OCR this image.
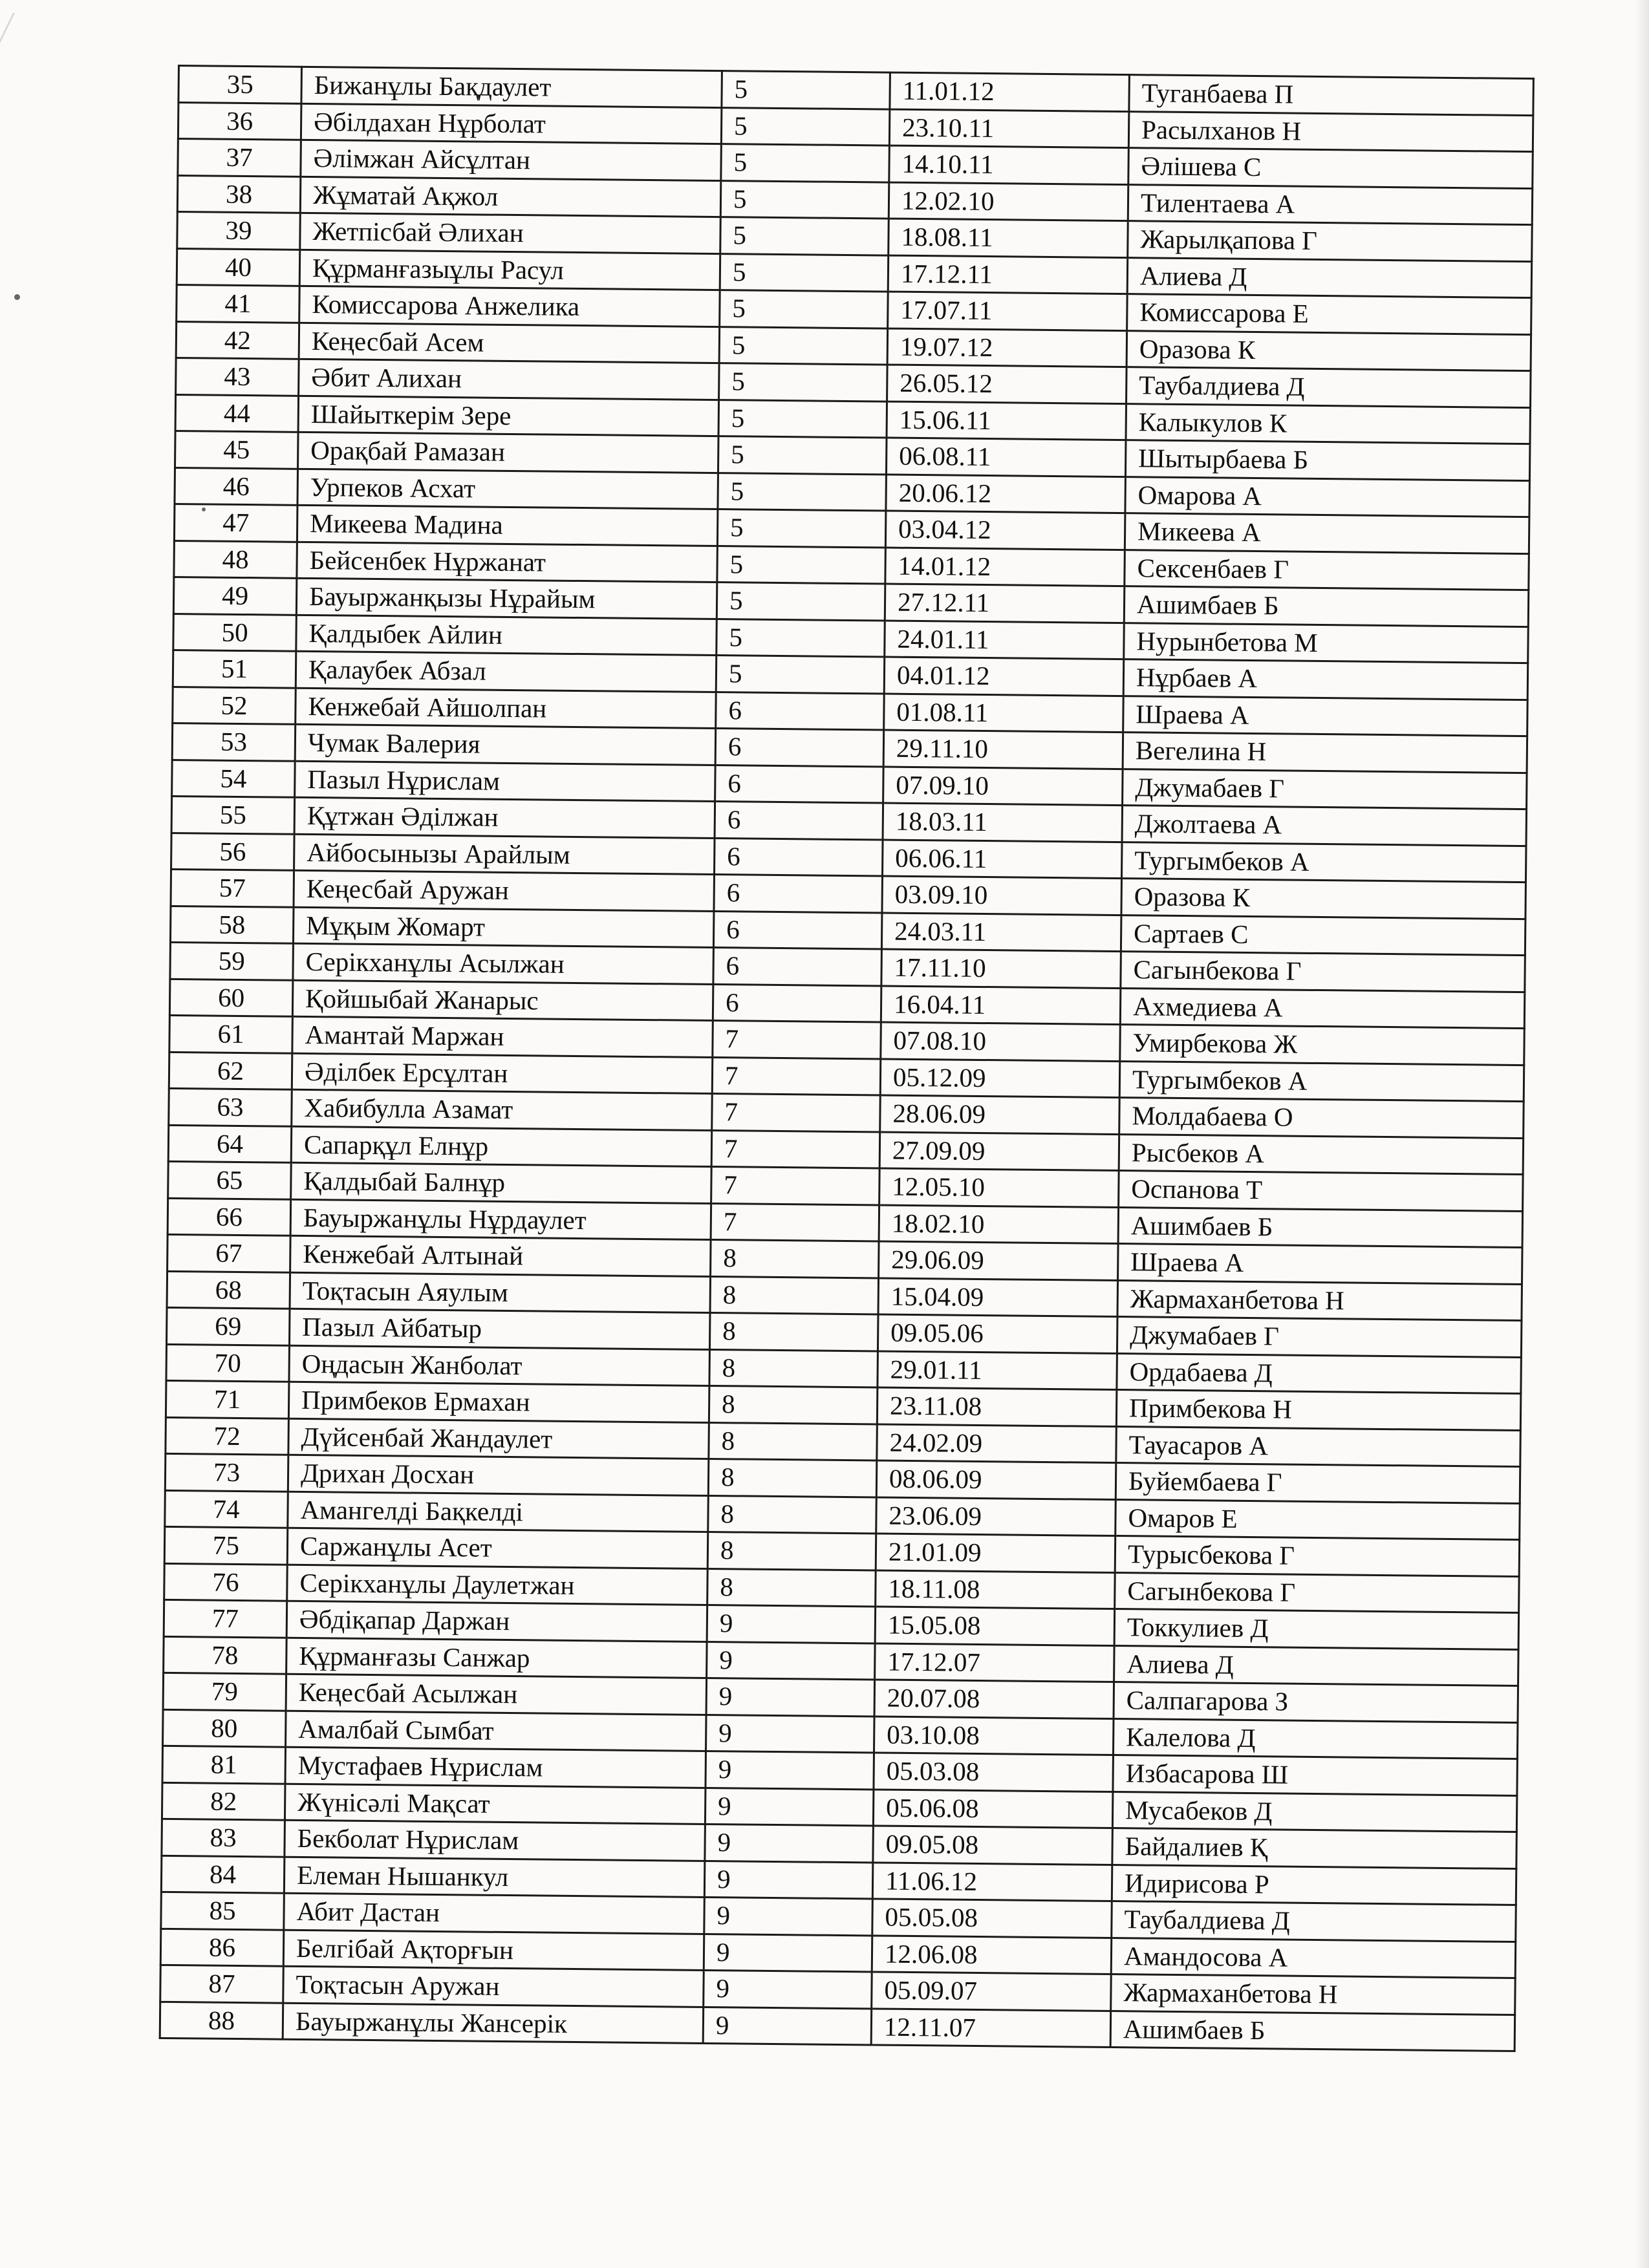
35	Бижанұлы Бақдаулет	5	11.01.12	Туганбаева П
36	Әбілдахан Нұрболат	5	23.10.11	Расылханов Н
37	Әлімжан Айсұлтан	5	14.10.11	Әлішева С
38	Жұматай Ақжол	5	12.02.10	Тилентаева А
39	Жетпісбай Әлихан	5	18.08.11	Жарылқапова Г
40	Құрманғазыұлы Расул	5	17.12.11	Алиева Д
41	Комиссарова Анжелика	5	17.07.11	Комиссарова Е
42	Кеңесбай Асем	5	19.07.12	Оразова К
43	Әбит Алихан	5	26.05.12	Таубалдиева Д
44	Шайыткерім Зере	5	15.06.11	Калыкулов К
45	Орақбай Рамазан	5	06.08.11	Шытырбаева Б
46	Урпеков Асхат	5	20.06.12	Омарова А
47	Микеева Мадина	5	03.04.12	Микеева А
48	Бейсенбек Нұржанат	5	14.01.12	Сексенбаев Г
49	Бауыржанқызы Нұрайым	5	27.12.11	Ашимбаев Б
50	Қалдыбек Айлин	5	24.01.11	Нурынбетова М
51	Қалаубек Абзал	5	04.01.12	Нұрбаев А
52	Кенжебай Айшолпан	6	01.08.11	Шраева А
53	Чумак Валерия	6	29.11.10	Вегелина Н
54	Пазыл Нұрислам	6	07.09.10	Джумабаев Г
55	Құтжан Әділжан	6	18.03.11	Джолтаева А
56	Айбосынызы Арайлым	6	06.06.11	Тургымбеков А
57	Кеңесбай Аружан	6	03.09.10	Оразова К
58	Мұқым Жомарт	6	24.03.11	Сартаев С
59	Серікханұлы Асылжан	6	17.11.10	Сагынбекова Г
60	Қойшыбай Жанарыс	6	16.04.11	Ахмедиева А
61	Амантай Маржан	7	07.08.10	Умирбекова Ж
62	Әділбек Ерсұлтан	7	05.12.09	Тургымбеков А
63	Хабибулла Азамат	7	28.06.09	Молдабаева О
64	Сапарқұл Елнұр	7	27.09.09	Рысбеков А
65	Қалдыбай Балнұр	7	12.05.10	Оспанова Т
66	Бауыржанұлы Нұрдаулет	7	18.02.10	Ашимбаев Б
67	Кенжебай Алтынай	8	29.06.09	Шраева А
68	Тоқтасын Аяулым	8	15.04.09	Жармаханбетова Н
69	Пазыл Айбатыр	8	09.05.06	Джумабаев Г
70	Оңдасын Жанболат	8	29.01.11	Ордабаева Д
71	Примбеков Ермахан	8	23.11.08	Примбекова Н
72	Дүйсенбай Жандаулет	8	24.02.09	Тауасаров А
73	Дрихан Досхан	8	08.06.09	Буйембаева Г
74	Амангелді Бақкелді	8	23.06.09	Омаров Е
75	Саржанұлы Асет	8	21.01.09	Турысбекова Г
76	Серікханұлы Даулетжан	8	18.11.08	Сагынбекова Г
77	Әбдіқапар Даржан	9	15.05.08	Токкулиев Д
78	Құрманғазы Санжар	9	17.12.07	Алиева Д
79	Кеңесбай Асылжан	9	20.07.08	Салпагарова З
80	Амалбай Сымбат	9	03.10.08	Калелова Д
81	Мустафаев Нұрислам	9	05.03.08	Избасарова Ш
82	Жүнісәлі Мақсат	9	05.06.08	Мусабеков Д
83	Бекболат Нұрислам	9	09.05.08	Байдалиев Қ
84	Елеман Нышанкул	9	11.06.12	Идирисова Р
85	Абит Дастан	9	05.05.08	Таубалдиева Д
86	Белгібай Ақторғын	9	12.06.08	Амандосова А
87	Тоқтасын Аружан	9	05.09.07	Жармаханбетова Н
88	Бауыржанұлы Жансерік	9	12.11.07	Ашимбаев Б
